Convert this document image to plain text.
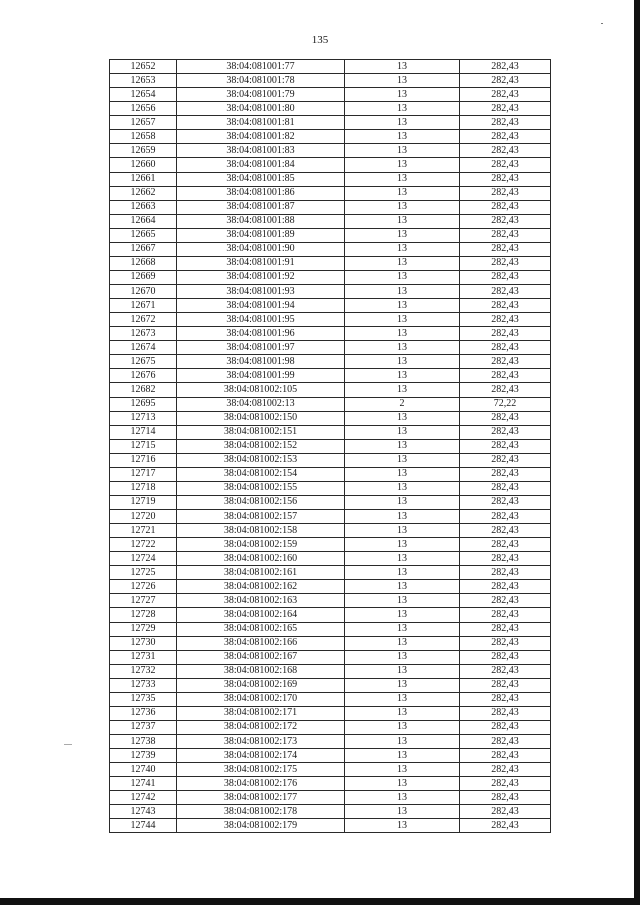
135
12652	38:04:081001:77	13	282,43
12653	38:04:081001:78	13	282,43
12654	38:04:081001:79	13	282,43
12656	38:04:081001:80	13	282,43
12657	38:04:081001:81	13	282,43
12658	38:04:081001:82	13	282,43
12659	38:04:081001:83	13	282,43
12660	38:04:081001:84	13	282,43
12661	38:04:081001:85	13	282,43
12662	38:04:081001:86	13	282,43
12663	38:04:081001:87	13	282,43
12664	38:04:081001:88	13	282,43
12665	38:04:081001:89	13	282,43
12667	38:04:081001:90	13	282,43
12668	38:04:081001:91	13	282,43
12669	38:04:081001:92	13	282,43
12670	38:04:081001:93	13	282,43
12671	38:04:081001:94	13	282,43
12672	38:04:081001:95	13	282,43
12673	38:04:081001:96	13	282,43
12674	38:04:081001:97	13	282,43
12675	38:04:081001:98	13	282,43
12676	38:04:081001:99	13	282,43
12682	38:04:081002:105	13	282,43
12695	38:04:081002:13	2	72,22
12713	38:04:081002:150	13	282,43
12714	38:04:081002:151	13	282,43
12715	38:04:081002:152	13	282,43
12716	38:04:081002:153	13	282,43
12717	38:04:081002:154	13	282,43
12718	38:04:081002:155	13	282,43
12719	38:04:081002:156	13	282,43
12720	38:04:081002:157	13	282,43
12721	38:04:081002:158	13	282,43
12722	38:04:081002:159	13	282,43
12724	38:04:081002:160	13	282,43
12725	38:04:081002:161	13	282,43
12726	38:04:081002:162	13	282,43
12727	38:04:081002:163	13	282,43
12728	38:04:081002:164	13	282,43
12729	38:04:081002:165	13	282,43
12730	38:04:081002:166	13	282,43
12731	38:04:081002:167	13	282,43
12732	38:04:081002:168	13	282,43
12733	38:04:081002:169	13	282,43
12735	38:04:081002:170	13	282,43
12736	38:04:081002:171	13	282,43
12737	38:04:081002:172	13	282,43
12738	38:04:081002:173	13	282,43
12739	38:04:081002:174	13	282,43
12740	38:04:081002:175	13	282,43
12741	38:04:081002:176	13	282,43
12742	38:04:081002:177	13	282,43
12743	38:04:081002:178	13	282,43
12744	38:04:081002:179	13	282,43
